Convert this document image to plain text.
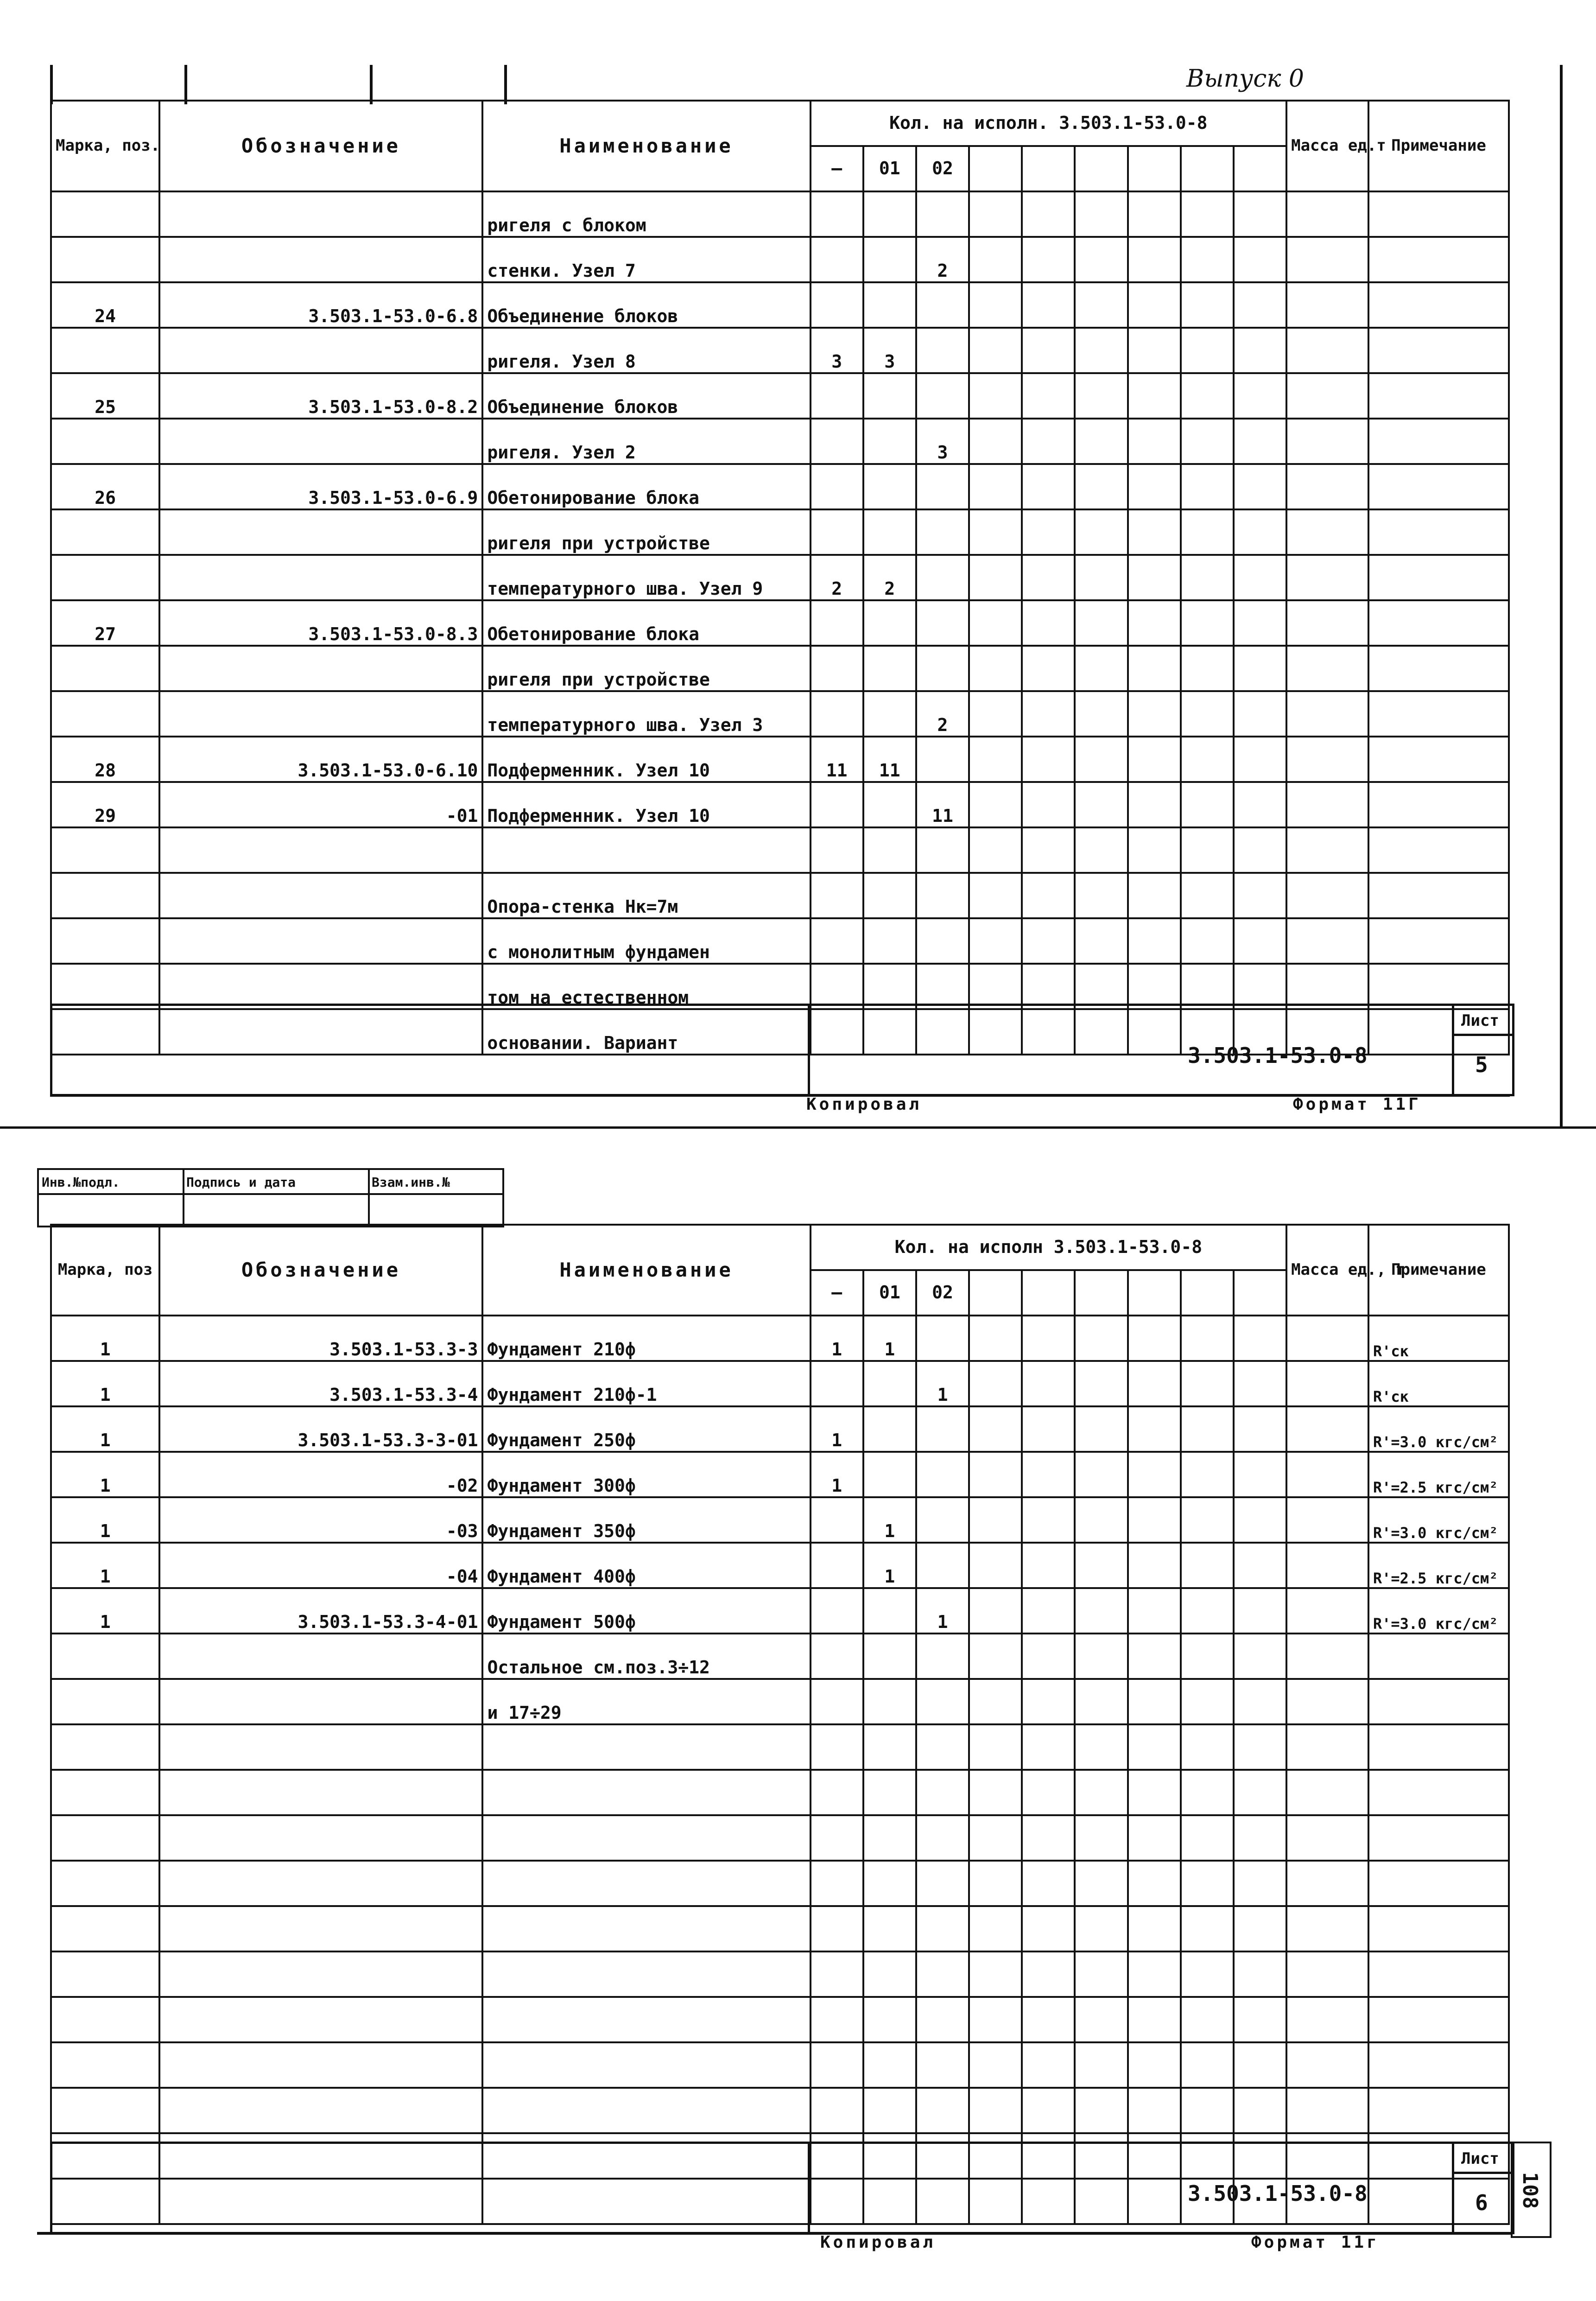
Выпуск 0
Марка, поз.	Обозначение	Наименование	Кол. на исполн. 3.503.1-53.0-8									Масса ед.т	Примечание
			—	01	02								
		ригеля с блоком											
		стенки. Узел 7			2								
24	3.503.1-53.0-6.8	Объединение блоков											
		ригеля. Узел 8	3	3									
25	3.503.1-53.0-8.2	Объединение блоков											
		ригеля. Узел 2			3								
26	3.503.1-53.0-6.9	Обетонирование блока											
		ригеля при устройстве											
		температурного шва. Узел 9	2	2									
27	3.503.1-53.0-8.3	Обетонирование блока											
		ригеля при устройстве											
		температурного шва. Узел 3			2								
28	3.503.1-53.0-6.10	Подферменник. Узел 10	11	11									
29	-01	Подферменник. Узел 10			11								

		Опора-стенка Нк=7м											
		с монолитным фундамен											
		том на естественном											
		основании. Вариант												3.503.1-53.0-8
Лист
5
Копировал	Формат 11Г
Инв.№подл.	Подпись и дата	Взам.инв.№
Марка, поз	Обозначение	Наименование	Кол. на исполн 3.503.1-53.0-8									Масса ед., т	Примечание
			—	01	02								
1	3.503.1-53.3-3	Фундамент 210ф	1	1									R'ск
1	3.503.1-53.3-4	Фундамент 210ф-1			1								R'ск
1	3.503.1-53.3-3-01	Фундамент 250ф	1										R'=3.0 кгс/см²
1	-02	Фундамент 300ф	1										R'=2.5 кгс/см²
1	-03	Фундамент 350ф		1									R'=3.0 кгс/см²
1	-04	Фундамент 400ф		1									R'=2.5 кгс/см²
1	3.503.1-53.3-4-01	Фундамент 500ф			1								R'=3.0 кгс/см²
		Остальное см.поз.3÷12											
		и 17÷29											

3.503.1-53.0-8
Лист
6
Копировал	Формат 11г
108
